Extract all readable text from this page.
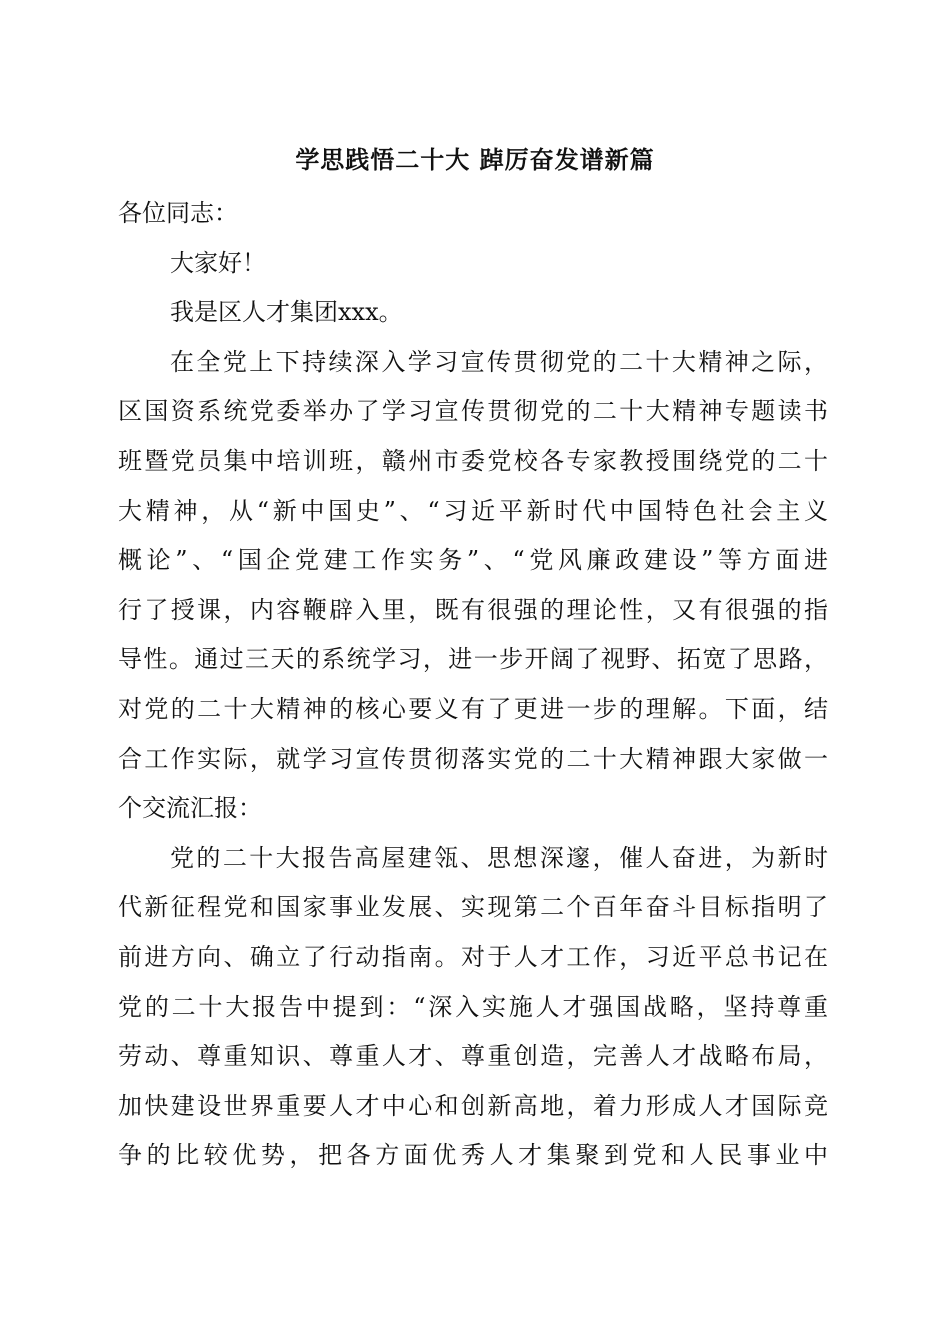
学思践悟二十大 踔厉奋发谱新篇
各位同志：
大家好！
我是区人才集团xxx。
在全党上下持续深入学习宣传贯彻党的二十大精神之际，
区国资系统党委举办了学习宣传贯彻党的二十大精神专题读书
班暨党员集中培训班，赣州市委党校各专家教授围绕党的二十
大精神，从“新中国史”、“习近平新时代中国特色社会主义
概论”、“国企党建工作实务”、“党风廉政建设”等方面进
行了授课，内容鞭辟入里，既有很强的理论性，又有很强的指
导性。通过三天的系统学习，进一步开阔了视野、拓宽了思路，
对党的二十大精神的核心要义有了更进一步的理解。下面，结
合工作实际，就学习宣传贯彻落实党的二十大精神跟大家做一
个交流汇报：
党的二十大报告高屋建瓴、思想深邃，催人奋进，为新时
代新征程党和国家事业发展、实现第二个百年奋斗目标指明了
前进方向、确立了行动指南。对于人才工作，习近平总书记在
党的二十大报告中提到：“深入实施人才强国战略，坚持尊重
劳动、尊重知识、尊重人才、尊重创造，完善人才战略布局，
加快建设世界重要人才中心和创新高地，着力形成人才国际竞
争的比较优势，把各方面优秀人才集聚到党和人民事业中
